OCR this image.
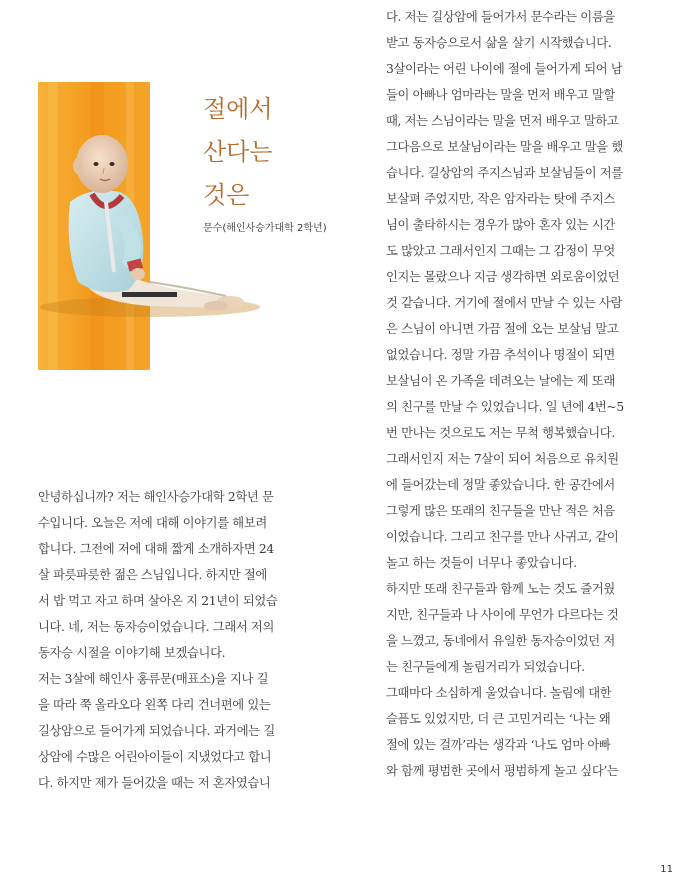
절에서
산다는
것은
문수(해인사승가대학 2학년)
안녕하십니까? 저는 해인사승가대학 2학년 문
수입니다. 오늘은 저에 대해 이야기를 해보려
합니다. 그전에 저에 대해 짧게 소개하자면 24
살 파릇파릇한 젊은 스님입니다. 하지만 절에
서 밥 먹고 자고 하며 살아온 지 21년이 되었습
니다. 네, 저는 동자승이었습니다. 그래서 저의
동자승 시절을 이야기해 보겠습니다.
저는 3살에 해인사 홍류문(매표소)을 지나 길
을 따라 쭉 올라오다 왼쪽 다리 건너편에 있는
길상암으로 들어가게 되었습니다. 과거에는 길
상암에 수많은 어린아이들이 지냈었다고 합니
다. 하지만 제가 들어갔을 때는 저 혼자였습니
다. 저는 길상암에 들어가서 문수라는 이름을
받고 동자승으로서 삶을 살기 시작했습니다.
3살이라는 어린 나이에 절에 들어가게 되어 남
들이 아빠나 엄마라는 말을 먼저 배우고 말할
때, 저는 스님이라는 말을 먼저 배우고 말하고
그다음으로 보살님이라는 말을 배우고 말을 했
습니다. 길상암의 주지스님과 보살님들이 저를
보살펴 주었지만, 작은 암자라는 탓에 주지스
님이 출타하시는 경우가 많아 혼자 있는 시간
도 많았고 그래서인지 그때는 그 감정이 무엇
인지는 몰랐으나 지금 생각하면 외로움이었던
것 같습니다. 거기에 절에서 만날 수 있는 사람
은 스님이 아니면 가끔 절에 오는 보살님 말고
없었습니다. 정말 가끔 추석이나 명절이 되면
보살님이 온 가족을 데려오는 날에는 제 또래
의 친구를 만날 수 있었습니다. 일 년에 4번~5
번 만나는 것으로도 저는 무척 행복했습니다.
그래서인지 저는 7살이 되어 처음으로 유치원
에 들어갔는데 정말 좋았습니다. 한 공간에서
그렇게 많은 또래의 친구들을 만난 적은 처음
이었습니다. 그리고 친구를 만나 사귀고, 같이
놀고 하는 것들이 너무나 좋았습니다.
하지만 또래 친구들과 함께 노는 것도 즐거웠
지만, 친구들과 나 사이에 무언가 다르다는 것
을 느꼈고, 동네에서 유일한 동자승이었던 저
는 친구들에게 놀림거리가 되었습니다.
그때마다 소심하게 울었습니다. 놀림에 대한
슬픔도 있었지만, 더 큰 고민거리는 ‘나는 왜
절에 있는 걸까’라는 생각과 ‘나도 엄마 아빠
와 함께 평범한 곳에서 평범하게 놀고 싶다’는
11
